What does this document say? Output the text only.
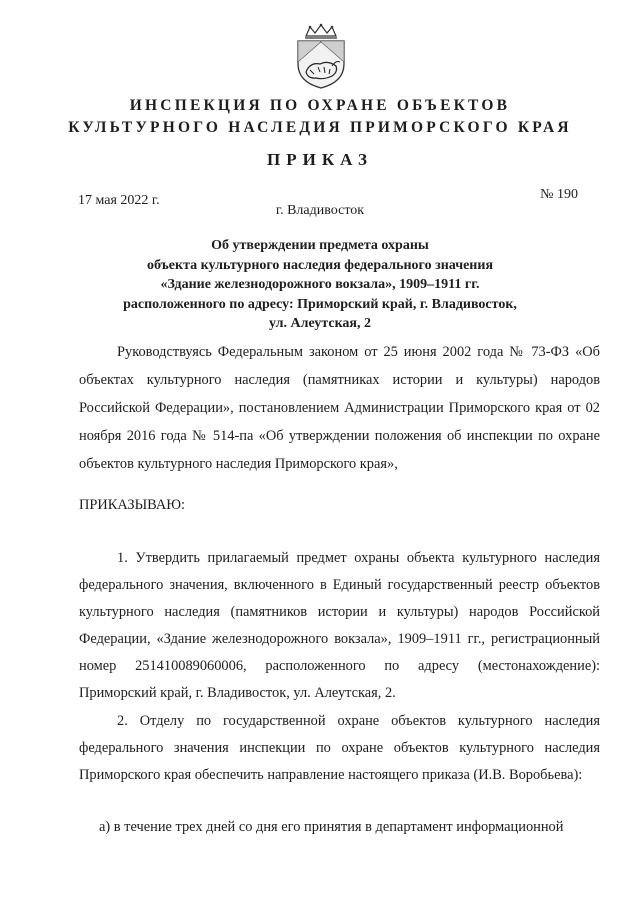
ИНСПЕКЦИЯ ПО ОХРАНЕ ОБЪЕКТОВ
КУЛЬТУРНОГО НАСЛЕДИЯ ПРИМОРСКОГО КРАЯ
ПРИКАЗ
17 мая 2022 г.	№ 190
г. Владивосток
Об утверждении предмета охраны
объекта культурного наследия федерального значения
«Здание железнодорожного вокзала», 1909–1911 гг.
расположенного по адресу: Приморский край, г. Владивосток,
ул. Алеутская, 2
Руководствуясь Федеральным законом от 25 июня 2002 года № 73-ФЗ «Об объектах культурного наследия (памятниках истории и культуры) народов Российской Федерации», постановлением Администрации Приморского края от 02 ноября 2016 года № 514-па «Об утверждении положения об инспекции по охране объектов культурного наследия Приморского края»,
ПРИКАЗЫВАЮ:
1. Утвердить прилагаемый предмет охраны объекта культурного наследия федерального значения, включенного в Единый государственный реестр объектов культурного наследия (памятников истории и культуры) народов Российской Федерации, «Здание железнодорожного вокзала», 1909–1911 гг., регистрационный номер 251410089060006, расположенного по адресу (местонахождение): Приморский край, г. Владивосток, ул. Алеутская, 2.
2. Отделу по государственной охране объектов культурного наследия федерального значения инспекции по охране объектов культурного наследия Приморского края обеспечить направление настоящего приказа (И.В. Воробьева):
а) в течение трех дней со дня его принятия в департамент информационной
